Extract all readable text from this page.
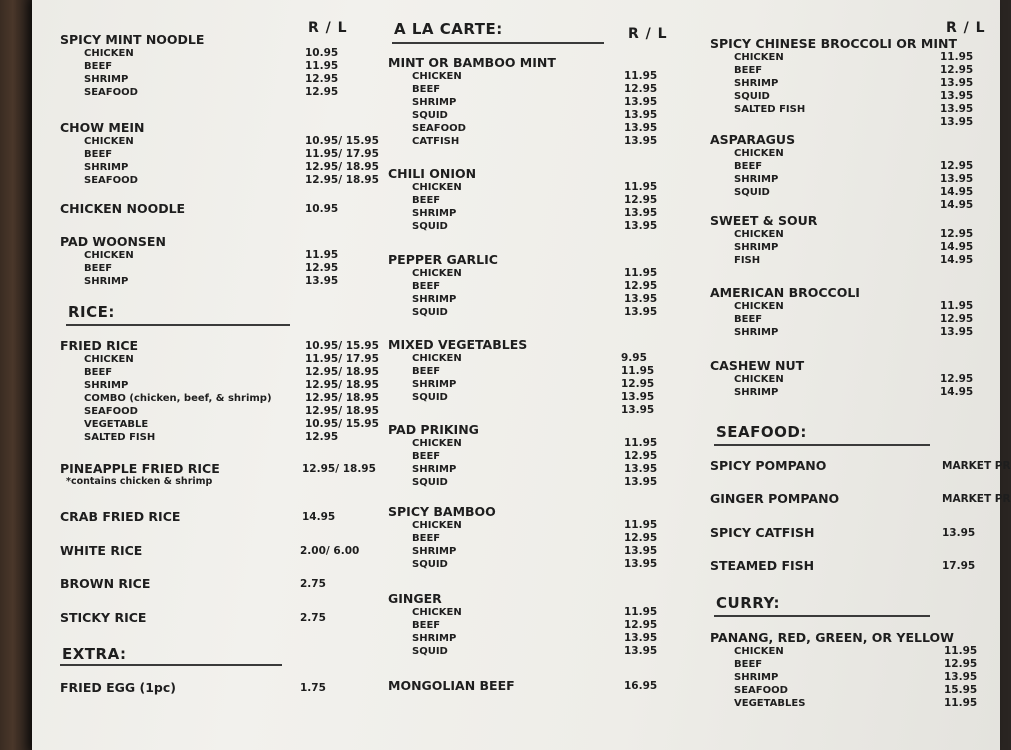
R / L
SPICY MINT NOODLE
CHICKEN	10.95
BEEF	11.95
SHRIMP	12.95
SEAFOOD	12.95
CHOW MEIN
CHICKEN	10.95/ 15.95
BEEF	11.95/ 17.95
SHRIMP	12.95/ 18.95
SEAFOOD	12.95/ 18.95
CHICKEN NOODLE	10.95
PAD WOONSEN
CHICKEN	11.95
BEEF	12.95
SHRIMP	13.95
RICE:
FRIED RICE	10.95/ 15.95
CHICKEN	11.95/ 17.95
BEEF	12.95/ 18.95
SHRIMP	12.95/ 18.95
COMBO (chicken, beef, & shrimp)	12.95/ 18.95
SEAFOOD	12.95/ 18.95
VEGETABLE	10.95/ 15.95
SALTED FISH	12.95
PINEAPPLE FRIED RICE	12.95/ 18.95
*contains chicken & shrimp
CRAB FRIED RICE	14.95
WHITE RICE	2.00/ 6.00
BROWN RICE	2.75
STICKY RICE	2.75
EXTRA:
FRIED EGG (1pc)	1.75
A LA CARTE:	R / L
MINT OR BAMBOO MINT
CHICKEN	11.95
BEEF	12.95
SHRIMP	13.95
SQUID	13.95
SEAFOOD	13.95
CATFISH	13.95
CHILI ONION
CHICKEN	11.95
BEEF	12.95
SHRIMP	13.95
SQUID	13.95
PEPPER GARLIC
CHICKEN	11.95
BEEF	12.95
SHRIMP	13.95
SQUID	13.95
MIXED VEGETABLES
CHICKEN	9.95
BEEF	11.95
SHRIMP	12.95
SQUID	13.95
13.95
PAD PRIKING
CHICKEN	11.95
BEEF	12.95
SHRIMP	13.95
SQUID	13.95
SPICY BAMBOO
CHICKEN	11.95
BEEF	12.95
SHRIMP	13.95
SQUID	13.95
GINGER
CHICKEN	11.95
BEEF	12.95
SHRIMP	13.95
SQUID	13.95
MONGOLIAN BEEF	16.95
R / L
SPICY CHINESE BROCCOLI OR MINT
CHICKEN	11.95
BEEF	12.95
SHRIMP	13.95
SQUID	13.95
SALTED FISH	13.95
13.95
ASPARAGUS
CHICKEN
BEEF	12.95
SHRIMP	13.95
SQUID	14.95
14.95
SWEET & SOUR
CHICKEN	12.95
SHRIMP	14.95
FISH	14.95
AMERICAN BROCCOLI
CHICKEN	11.95
BEEF	12.95
SHRIMP	13.95
CASHEW NUT
CHICKEN	12.95
SHRIMP	14.95
SEAFOOD:
SPICY POMPANO	MARKET PR
GINGER POMPANO	MARKET PR
SPICY CATFISH	13.95
STEAMED FISH	17.95
CURRY:
PANANG, RED, GREEN, OR YELLOW
CHICKEN	11.95
BEEF	12.95
SHRIMP	13.95
SEAFOOD	15.95
VEGETABLES	11.95
